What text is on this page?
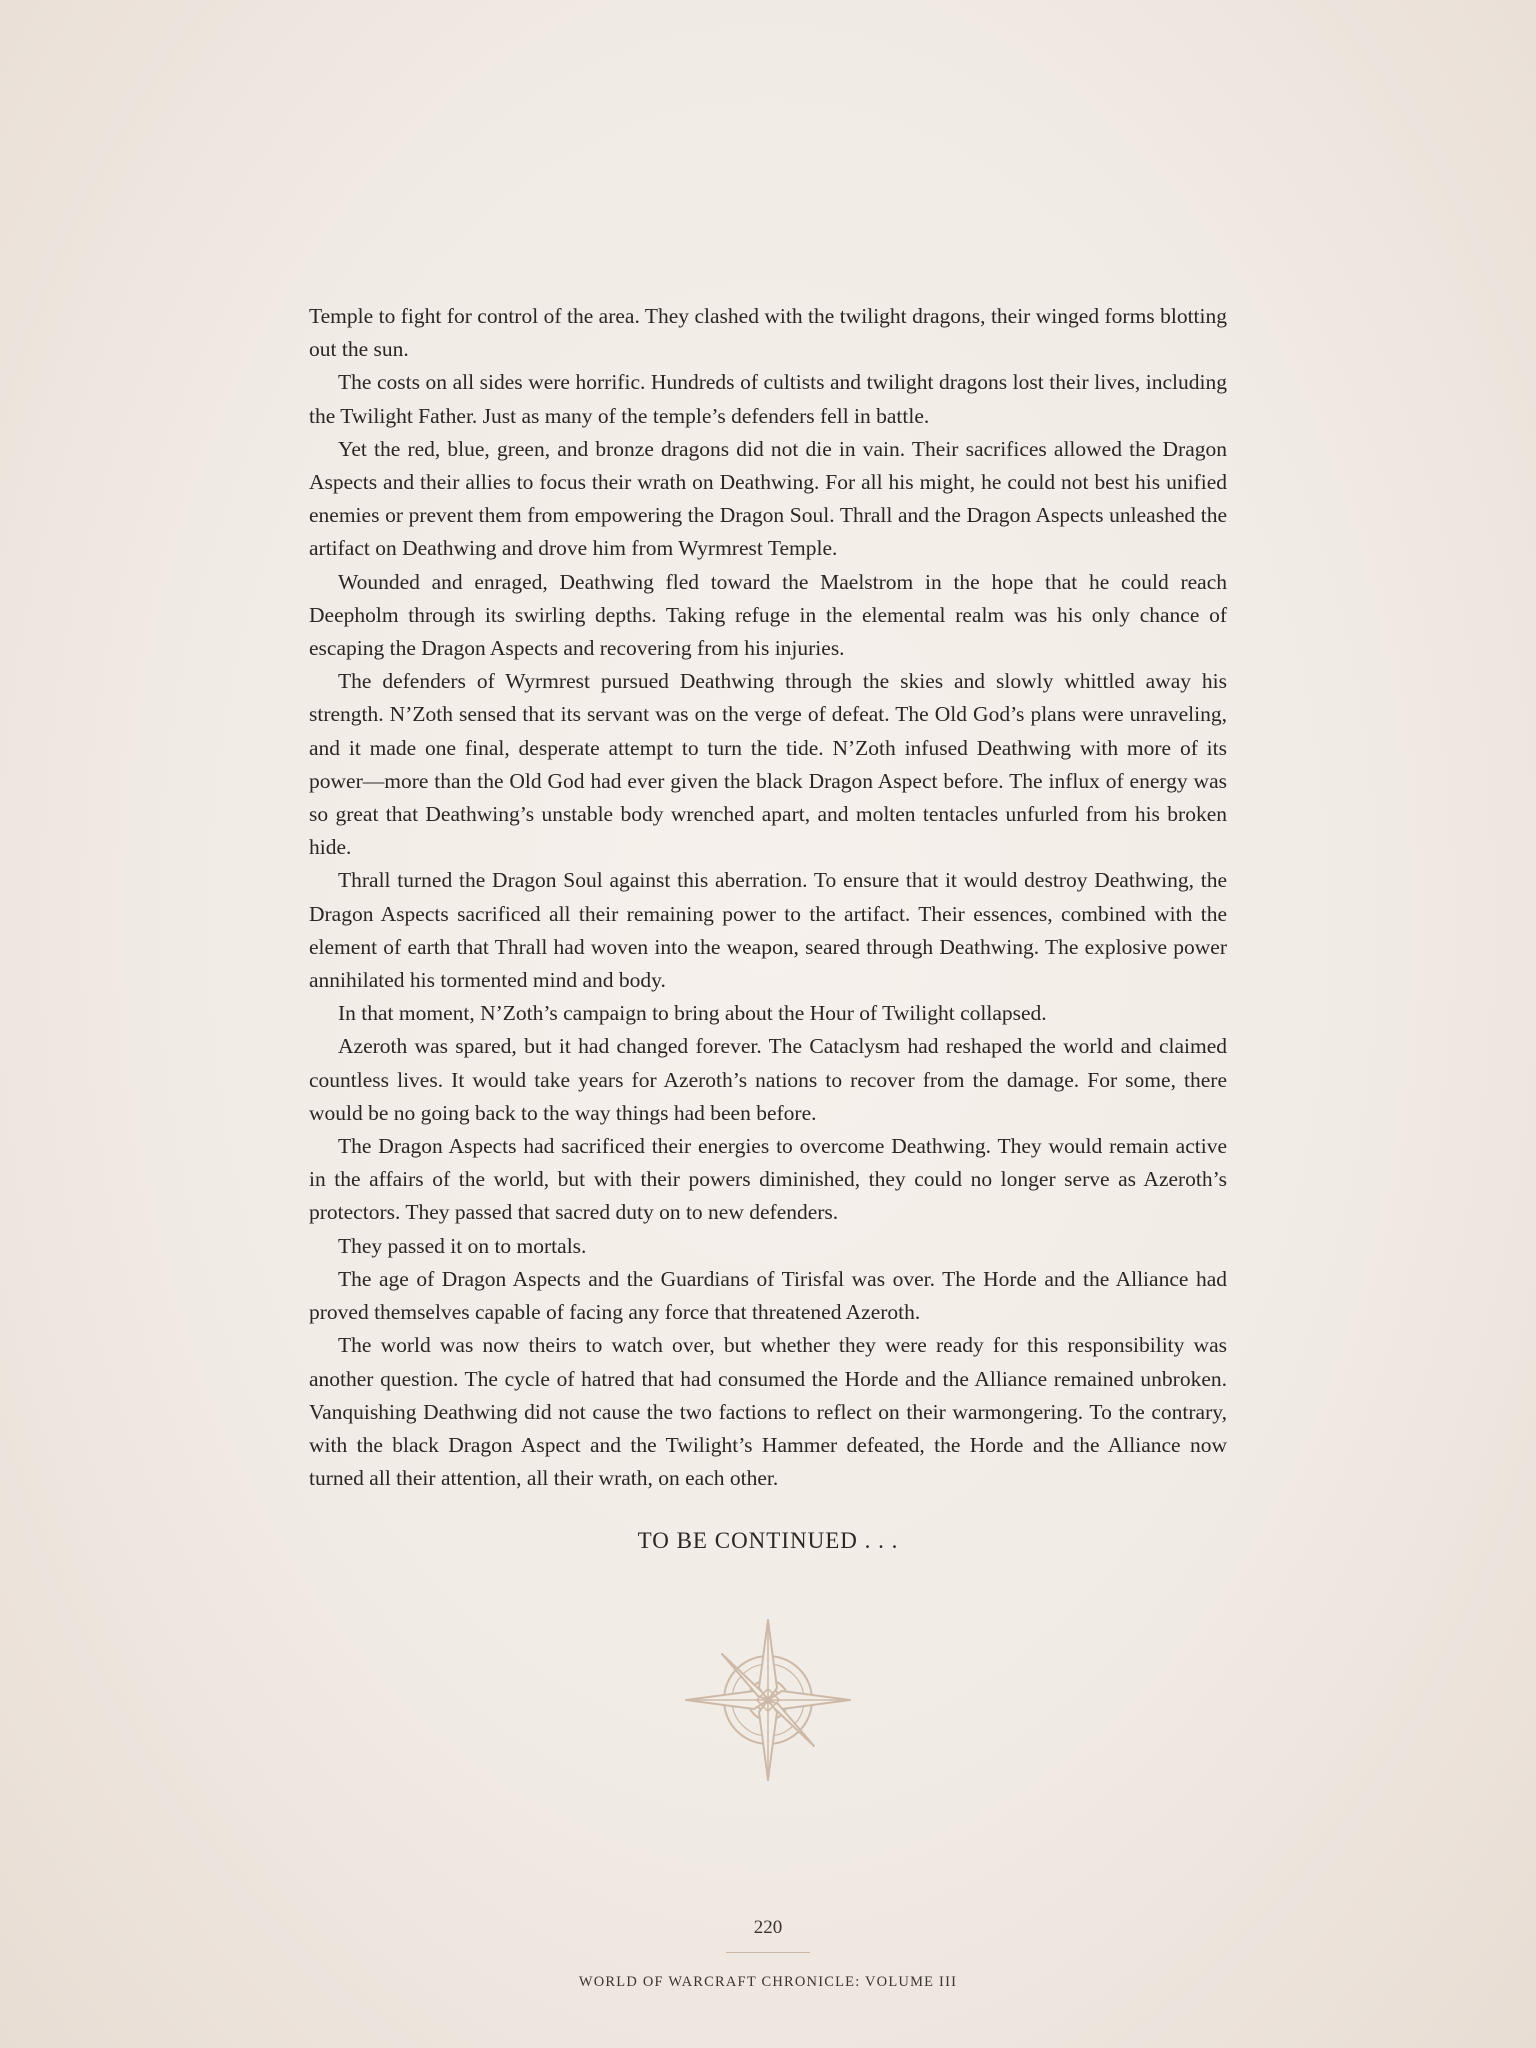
Temple to fight for control of the area. They clashed with the twilight dragons, their winged forms blotting out the sun.

The costs on all sides were horrific. Hundreds of cultists and twilight dragons lost their lives, including the Twilight Father. Just as many of the temple’s defenders fell in battle.

Yet the red, blue, green, and bronze dragons did not die in vain. Their sacrifices allowed the Dragon Aspects and their allies to focus their wrath on Deathwing. For all his might, he could not best his unified enemies or prevent them from empowering the Dragon Soul. Thrall and the Dragon Aspects unleashed the artifact on Deathwing and drove him from Wyrmrest Temple.

Wounded and enraged, Deathwing fled toward the Maelstrom in the hope that he could reach Deepholm through its swirling depths. Taking refuge in the elemental realm was his only chance of escaping the Dragon Aspects and recovering from his injuries.

The defenders of Wyrmrest pursued Deathwing through the skies and slowly whittled away his strength. N’Zoth sensed that its servant was on the verge of defeat. The Old God’s plans were unraveling, and it made one final, desperate attempt to turn the tide. N’Zoth infused Deathwing with more of its power—more than the Old God had ever given the black Dragon Aspect before. The influx of energy was so great that Deathwing’s unstable body wrenched apart, and molten tentacles unfurled from his broken hide.

Thrall turned the Dragon Soul against this aberration. To ensure that it would destroy Deathwing, the Dragon Aspects sacrificed all their remaining power to the artifact. Their essences, combined with the element of earth that Thrall had woven into the weapon, seared through Deathwing. The explosive power annihilated his tormented mind and body.

In that moment, N’Zoth’s campaign to bring about the Hour of Twilight collapsed.

Azeroth was spared, but it had changed forever. The Cataclysm had reshaped the world and claimed countless lives. It would take years for Azeroth’s nations to recover from the damage. For some, there would be no going back to the way things had been before.

The Dragon Aspects had sacrificed their energies to overcome Deathwing. They would remain active in the affairs of the world, but with their powers diminished, they could no longer serve as Azeroth’s protectors. They passed that sacred duty on to new defenders.

They passed it on to mortals.

The age of Dragon Aspects and the Guardians of Tirisfal was over. The Horde and the Alliance had proved themselves capable of facing any force that threatened Azeroth.

The world was now theirs to watch over, but whether they were ready for this responsibility was another question. The cycle of hatred that had consumed the Horde and the Alliance remained unbroken. Vanquishing Deathwing did not cause the two factions to reflect on their warmongering. To the contrary, with the black Dragon Aspect and the Twilight’s Hammer defeated, the Horde and the Alliance now turned all their attention, all their wrath, on each other.

TO BE CONTINUED . . .
220
WORLD OF WARCRAFT CHRONICLE: VOLUME III
